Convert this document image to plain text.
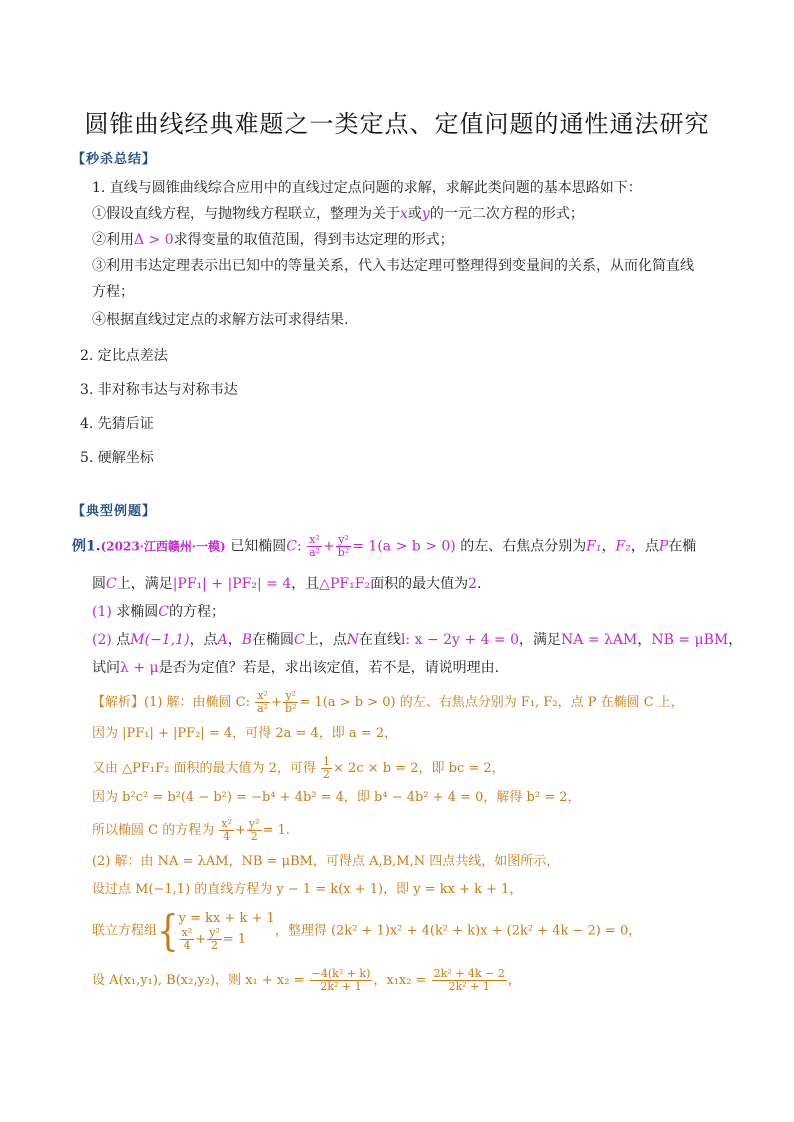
圆锥曲线经典难题之一类定点、定值问题的通性通法研究
【秒杀总结】
1. 直线与圆锥曲线综合应用中的直线过定点问题的求解，求解此类问题的基本思路如下：
①假设直线方程，与抛物线方程联立，整理为关于x或y的一元二次方程的形式；
②利用Δ > 0求得变量的取值范围，得到韦达定理的形式；
③利用韦达定理表示出已知中的等量关系，代入韦达定理可整理得到变量间的关系，从而化简直线
方程；
④根据直线过定点的求解方法可求得结果.
2. 定比点差法
3. 非对称韦达与对称韦达
4. 先猜后证
5. 硬解坐标
【典型例题】
例1.(2023·江西赣州·一模) 已知椭圆C: $\frac{\text{x²}}{\text{a²}} + \frac{\text{y²}}{\text{b²}} = 1(a > b > 0)$ 的左、右焦点分别为F₁，F₂，点P在椭
圆C上，满足|PF₁| + |PF₂| = 4，且△PF₁F₂面积的最大值为2.
(1) 求椭圆C的方程；
(2) 点M(−1,1)，点A，B在椭圆C上，点N在直线l: x − 2y + 4 = 0，满足NA = λAM，NB = μBM，
试问λ + μ是否为定值？若是，求出该定值，若不是，请说明理由.
【解析】(1) 解：由椭圆 C: $\frac{\text{x²}}{\text{a²}} + \frac{\text{y²}}{\text{b²}} = 1(a > b > 0)$ 的左、右焦点分别为 F₁, F₂，点 P 在椭圆 C 上，
因为 |PF₁| + |PF₂| = 4，可得 2a = 4，即 a = 2，
又由 △PF₁F₂ 面积的最大值为 2，可得 $\frac{1}{2} \times 2c \times b = 2$，即 bc = 2，
因为 b²c² = b²(4 − b²) = −b⁴ + 4b² = 4，即 b⁴ − 4b² + 4 = 0，解得 b² = 2，
所以椭圆 C 的方程为 $\frac{\text{x²}}{4} + \frac{\text{y²}}{2} = 1$.
(2) 解：由 NA = λAM，NB = μBM，可得点 A,B,M,N 四点共线，如图所示，
设过点 M(−1,1) 的直线方程为 y − 1 = k(x + 1)，即 y = kx + k + 1，
联立方程组{ y = kx + k + 1
$\frac{\text{x²}}{4} + \frac{\text{y²}}{2} = 1$
，整理得 (2k² + 1)x² + 4(k² + k)x + (2k² + 4k − 2) = 0，
设 A(x₁,y₁), B(x₂,y₂)，则 $x_1 + x_2 = \frac{\text{−4(k² + k)}}{\text{2k² + 1}}$ ，$x_1x_2 = \frac{\text{2k² + 4k − 2}}{\text{2k² + 1}}$ ，
